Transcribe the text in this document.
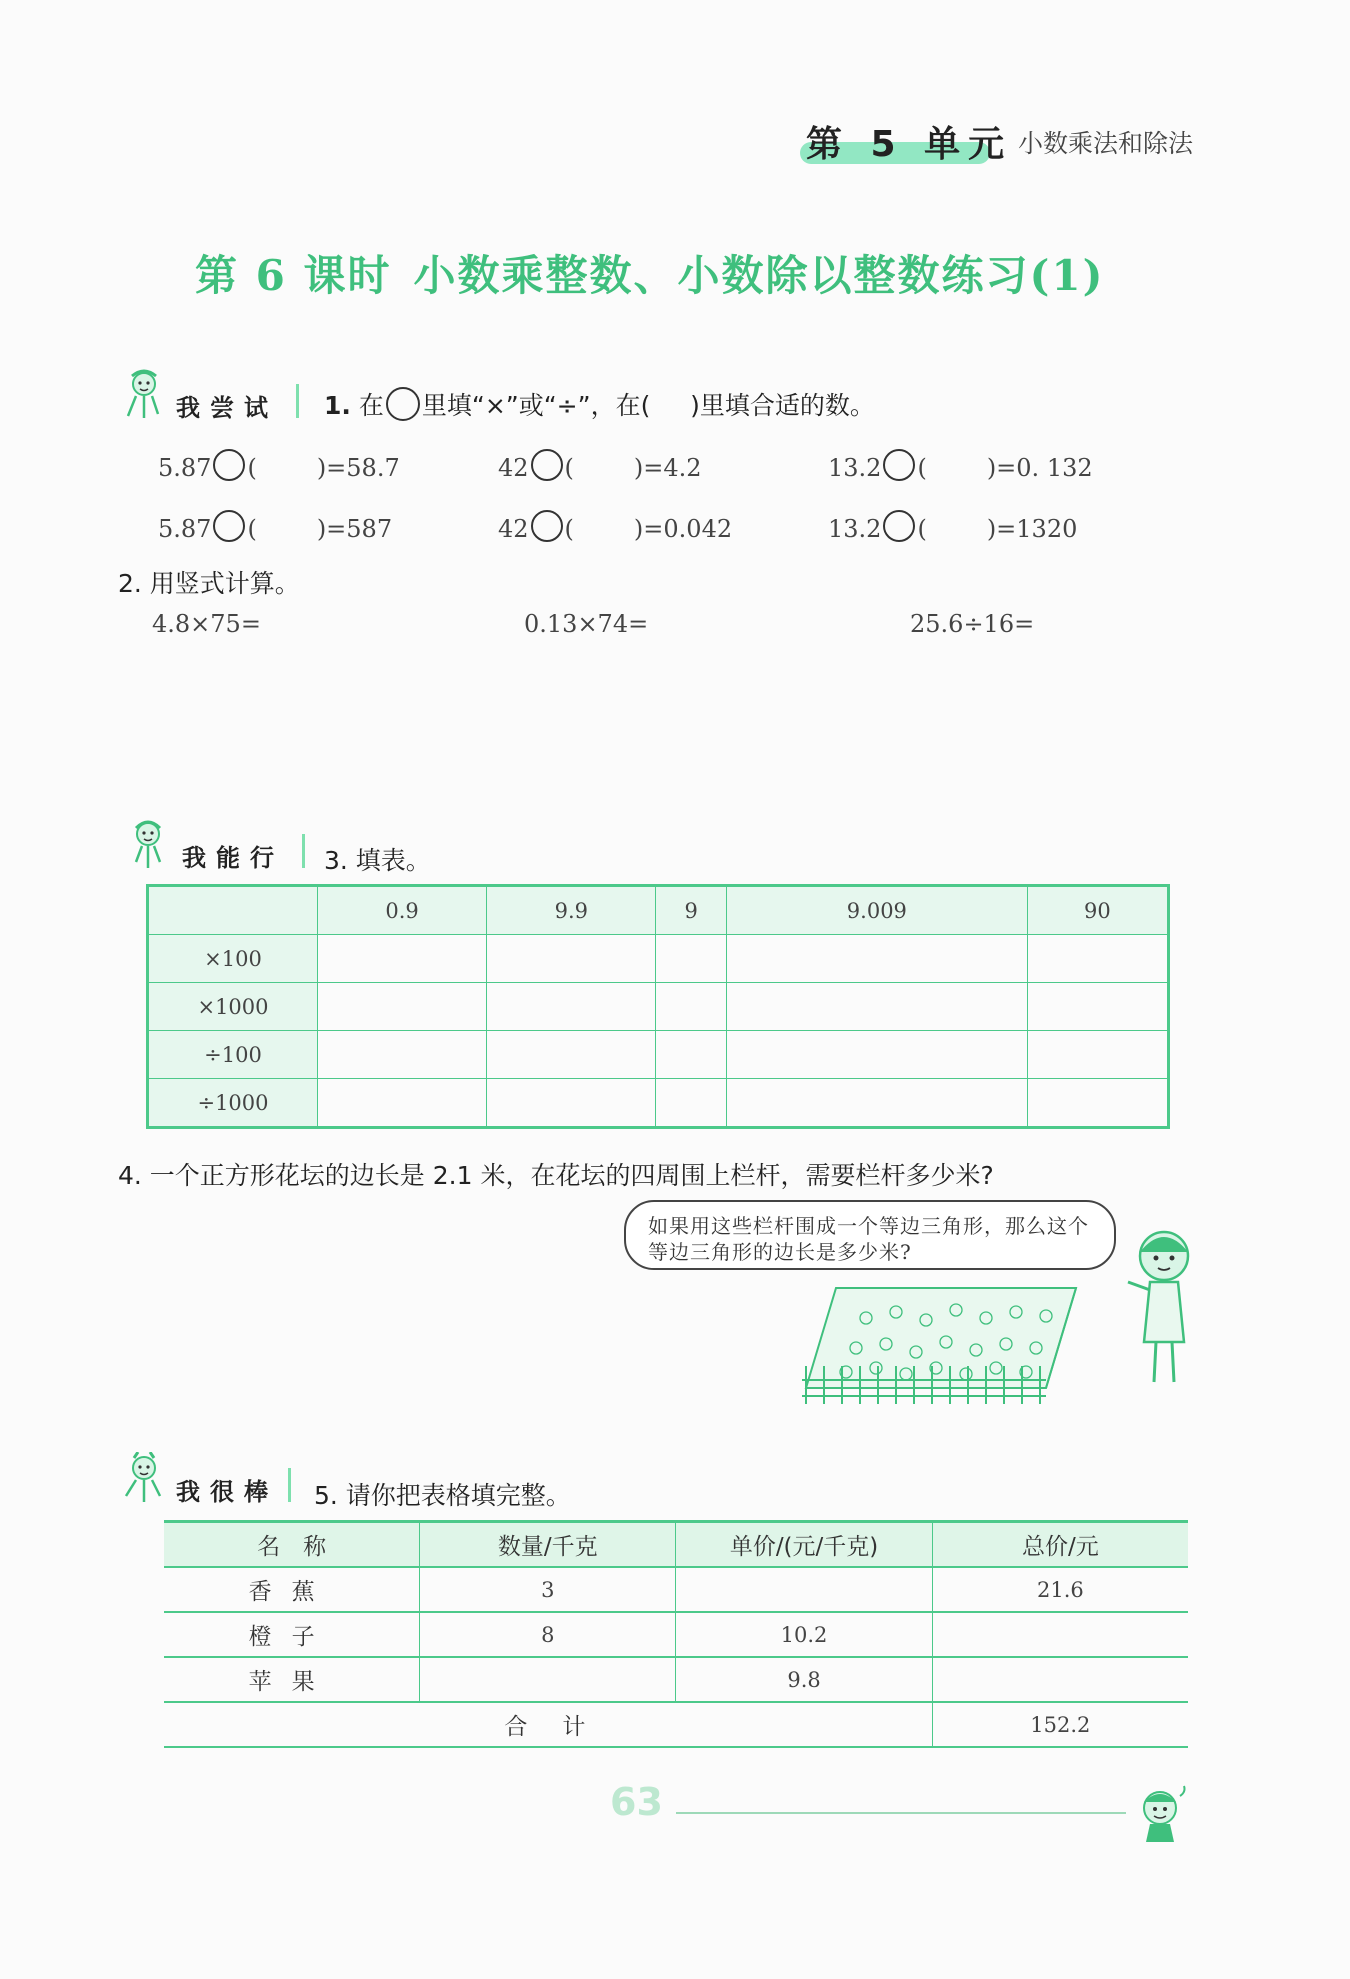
第 5 单元 小数乘法和除法
第 6 课时 小数乘整数、小数除以整数练习(1)
我尝试 1. 在 里填“×”或“÷”，在( )里填合适的数。
5.87 (	)=58.7	42 (	)=4.2	13.2 (	)=0. 132
5.87 (	)=587	42 (	)=0.042	13.2 (	)=1320
2. 用竖式计算。
4.8×75=	0.13×74=	25.6÷16=
我能行 3. 填表。
	0.9	9.9	9	9.009	90
×100					
×1000					
÷100					
÷1000					
4. 一个正方形花坛的边长是 2.1 米，在花坛的四周围上栏杆，需要栏杆多少米?
如果用这些栏杆围成一个等边三角形，那么这个
等边三角形的边长是多少米?
我很棒 5. 请你把表格填完整。
名　称	数量/千克	单价/(元/千克)	总价/元
香蕉	3		21.6
橙子	8	10.2	
苹果		9.8	
合　计			152.2
63
